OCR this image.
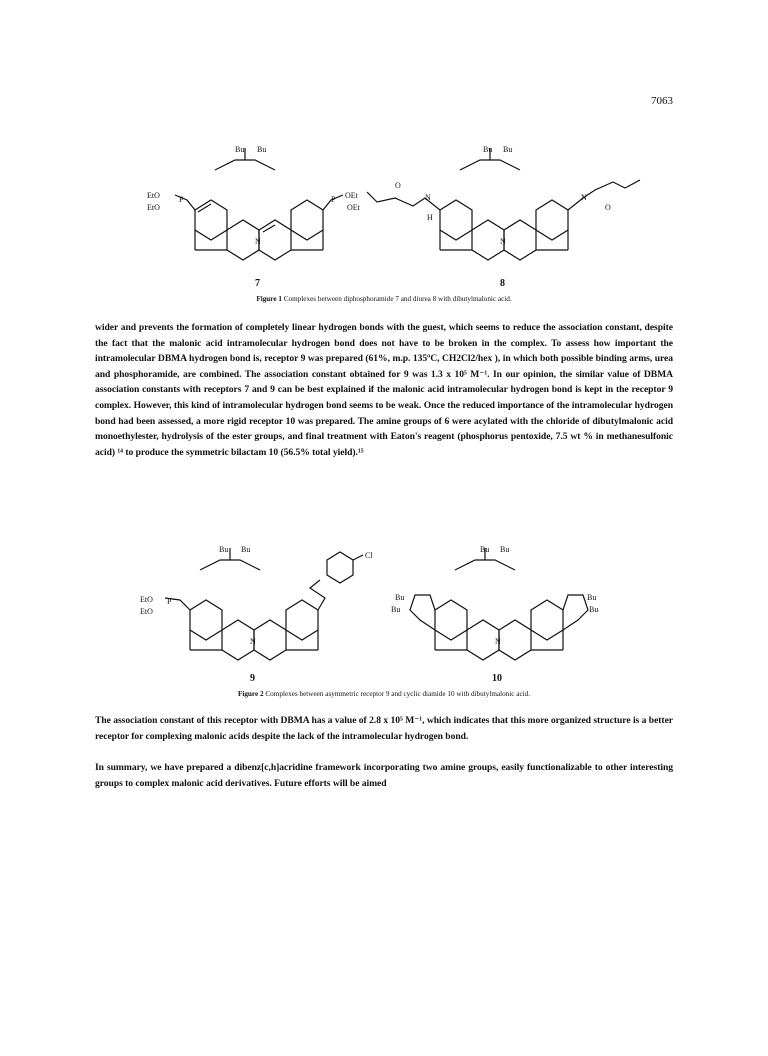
7063
Bu Bu
EtO
EtO
OEt
OEt
P	P
N
Bu Bu
N
H
N	N
O
O
7	8
Figure 1 Complexes between diphosphoramide 7 and diurea 8 with dibutylmalonic acid.
wider and prevents the formation of completely linear hydrogen bonds with the guest, which seems to reduce the association constant, despite the fact that the malonic acid intramolecular hydrogen bond does not have to be broken in the complex. To assess how important the intramolecular DBMA hydrogen bond is, receptor 9 was prepared (61%, m.p. 135ºC, CH2Cl2/hex ), in which both possible binding arms, urea and phosphoramide, are combined. The association constant obtained for 9 was 1.3 x 10⁵ M⁻¹. In our opinion, the similar value of DBMA association constants with receptors 7 and 9 can be best explained if the malonic acid intramolecular hydrogen bond is kept in the receptor 9 complex. However, this kind of intramolecular hydrogen bond seems to be weak. Once the reduced importance of the intramolecular hydrogen bond had been assessed, a more rigid receptor 10 was prepared. The amine groups of 6 were acylated with the chloride of dibutylmalonic acid monoethylester, hydrolysis of the ester groups, and final treatment with Eaton's reagent (phosphorus pentoxide, 7.5 wt % in methanesulfonic acid) ¹⁴ to produce the symmetric bilactam 10 (56.5% total yield).¹⁵
Bu Bu
EtO
EtO
P
Cl
N
Bu Bu
Bu
Bu
Bu
Bu
N
9	10
Figure 2 Complexes between asymmetric receptor 9 and cyclic diamide 10 with dibutylmalonic acid.
The association constant of this receptor with DBMA has a value of 2.8 x 10⁵ M⁻¹, which indicates that this more organized structure is a better receptor for complexing malonic acids despite the lack of the intramolecular hydrogen bond.
In summary, we have prepared a dibenz[c,h]acridine framework incorporating two amine groups, easily functionalizable to other interesting groups to complex malonic acid derivatives. Future efforts will be aimed
